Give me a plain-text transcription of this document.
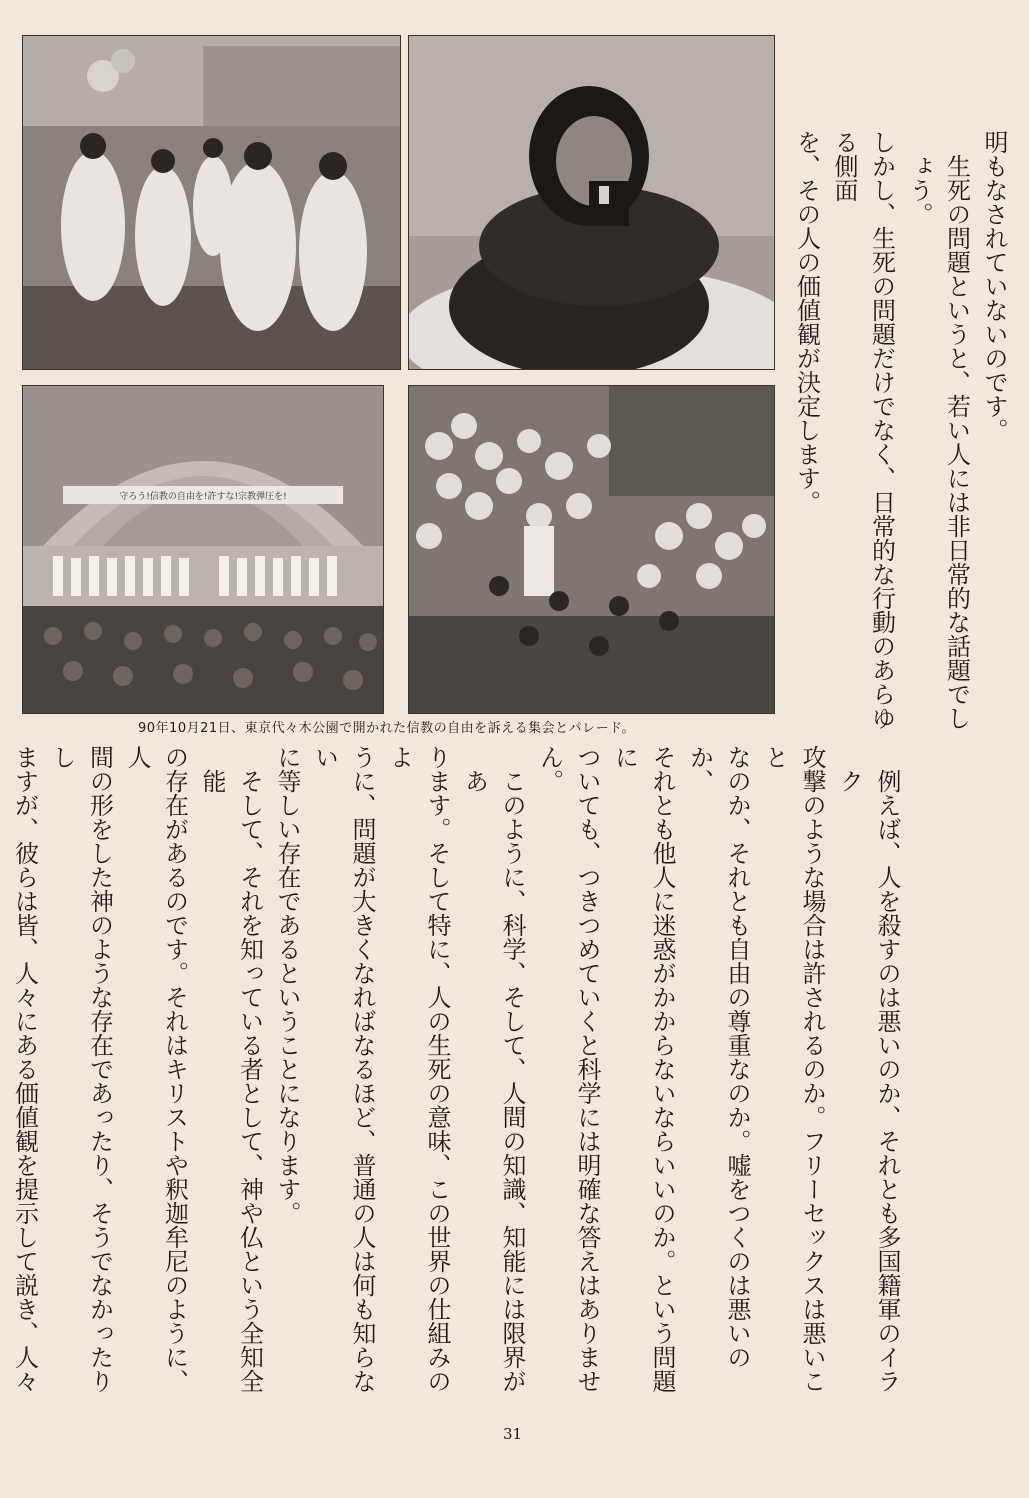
守ろう!信教の自由を!許すな!宗教弾圧を!
90年10月21日、東京代々木公園で開かれた信教の自由を訴える集会とパレード。
明もなされていないのです。
生死の問題というと、若い人には非日常的な話題でしょう。
しかし、生死の問題だけでなく、日常的な行動のあらゆる側面
を、その人の価値観が決定します。
例えば、人を殺すのは悪いのか、それとも多国籍軍のイラク
攻撃のような場合は許されるのか。フリーセックスは悪いこと
なのか、それとも自由の尊重なのか。嘘をつくのは悪いのか、
それとも他人に迷惑がかからないならいいのか。という問題に
ついても、つきつめていくと科学には明確な答えはありません。
このように、科学、そして、人間の知識、知能には限界があ
ります。そして特に、人の生死の意味、この世界の仕組みのよ
うに、問題が大きくなればなるほど、普通の人は何も知らない
に等しい存在であるということになります。
そして、それを知っている者として、神や仏という全知全能
の存在があるのです。それはキリストや釈迦牟尼のように、人
間の形をした神のような存在であったり、そうでなかったりし
ますが、彼らは皆、人々にある価値観を提示して説き、人々
31
